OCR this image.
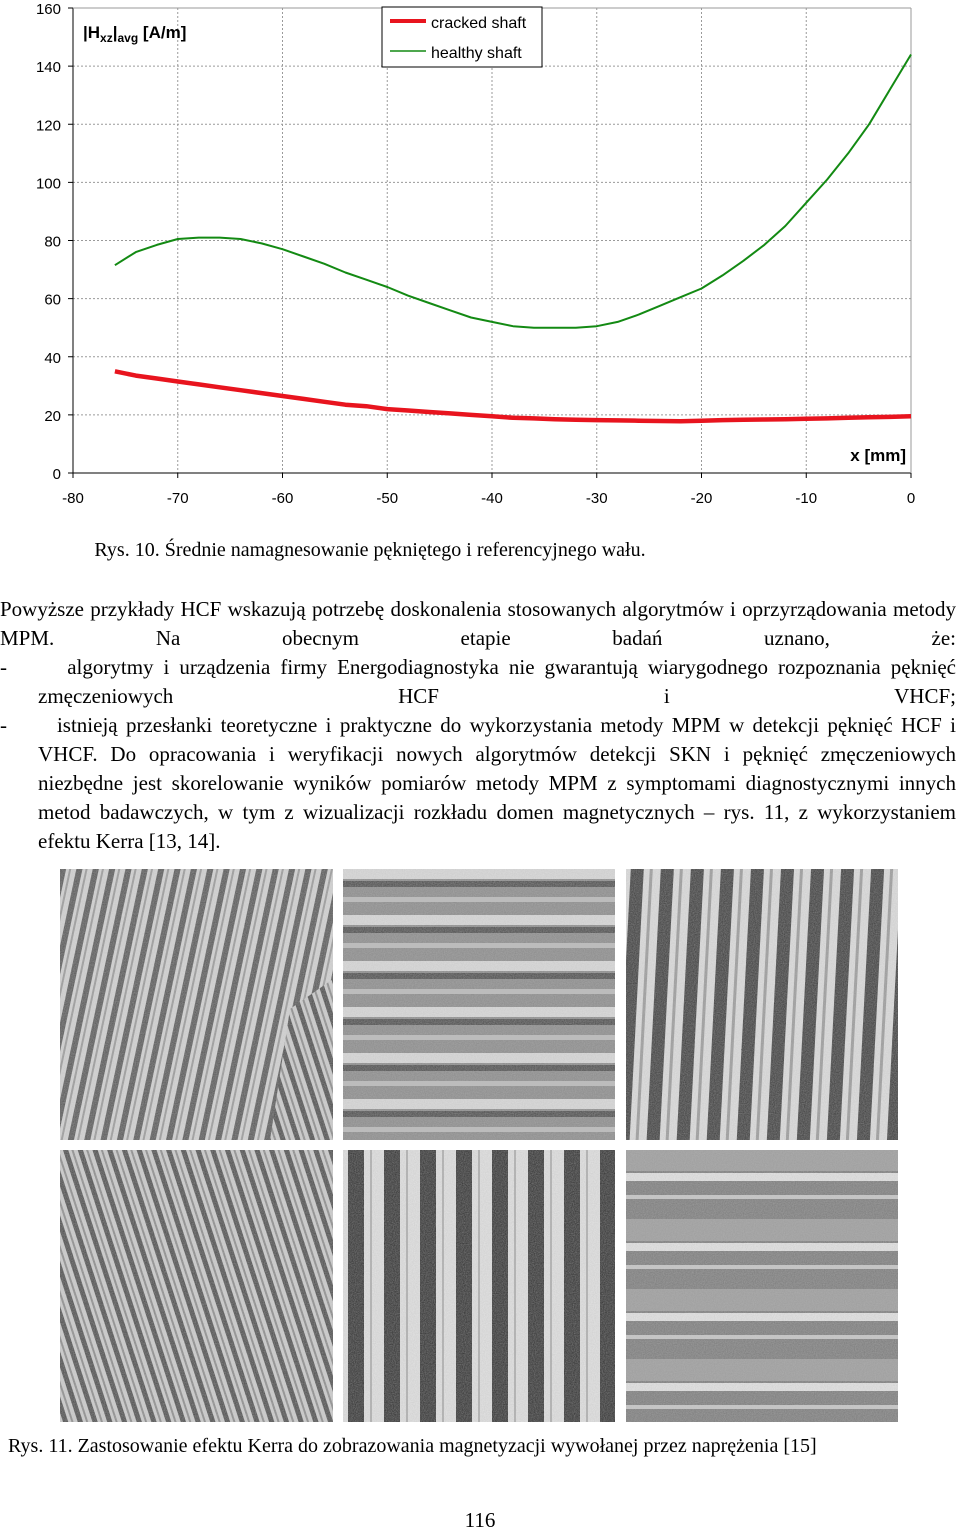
0
20
40
60
80
100
120
140
160
-80	-70	-60	-50	-40	-30	-20	-10	0
$|H_{xz}|_{avg}$ [A/m]
x [mm]
cracked shaft
healthy shaft
Rys. 10. Średnie namagnesowanie pękniętego i referencyjnego wału.

Powyższe przykłady HCF wskazują potrzebę doskonalenia stosowanych algorytmów i oprzyrządowania metody MPM. Na obecnym etapie badań uznano, że:

-      algorytmy i urządzenia firmy Energodiagnostyka nie gwarantują wiarygodnego rozpoznania pęknięć zmęczeniowych HCF i VHCF;

-      istnieją przesłanki teoretyczne i praktyczne do wykorzystania metody MPM w detekcji pęknięć HCF i VHCF. Do opracowania i weryfikacji nowych algorytmów detekcji SKN i pęknięć zmęczeniowych niezbędne jest skorelowanie wyników pomiarów metody MPM z symptomami diagnostycznymi innych metod badawczych, w tym z wizualizacji rozkładu domen magnetycznych – rys. 11, z wykorzystaniem efektu Kerra [13, 14].

Rys. 11. Zastosowanie efektu Kerra do zobrazowania magnetyzacji wywołanej przez naprężenia [15]
116
